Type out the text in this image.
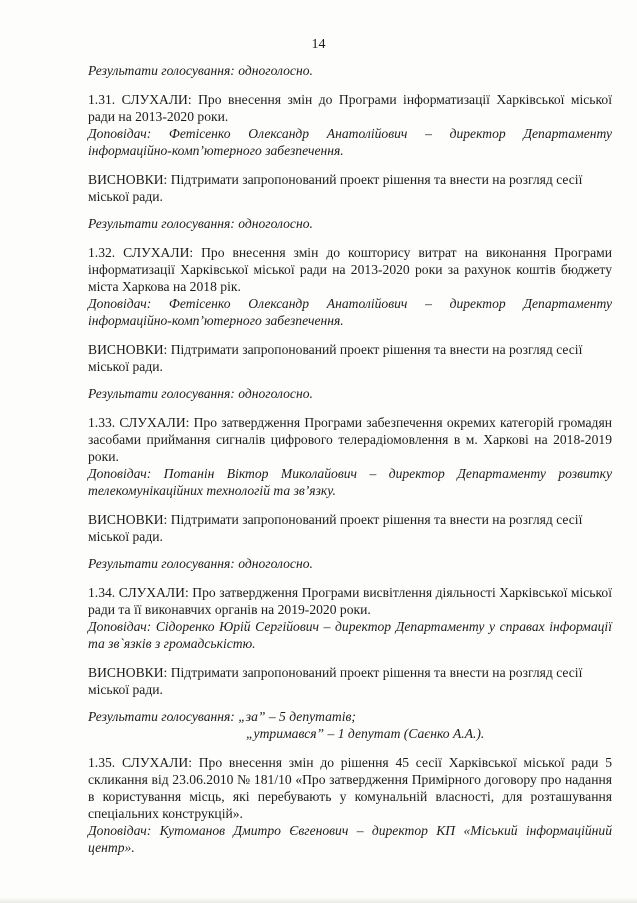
14

Результати голосування: одноголосно.

1.31. СЛУХАЛИ: Про внесення змін до Програми інформатизації Харківської міської ради на 2013-2020 роки.

Доповідач: Фетісенко Олександр Анатолійович – директор Департаменту інформаційно-комп’ютерного забезпечення.

ВИСНОВКИ: Підтримати запропонований проект рішення та внести на розгляд сесії міської ради.

Результати голосування: одноголосно.

1.32. СЛУХАЛИ: Про внесення змін до кошторису витрат на виконання Програми інформатизації Харківської міської ради на 2013-2020 роки за рахунок коштів бюджету міста Харкова на 2018 рік.

Доповідач: Фетісенко Олександр Анатолійович – директор Департаменту інформаційно-комп’ютерного забезпечення.

ВИСНОВКИ: Підтримати запропонований проект рішення та внести на розгляд сесії міської ради.

Результати голосування: одноголосно.

1.33. СЛУХАЛИ: Про затвердження Програми забезпечення окремих категорій громадян засобами приймання сигналів цифрового телерадіомовлення в м. Харкові на 2018-2019 роки.

Доповідач: Потанін Віктор Миколайович – директор Департаменту розвитку телекомунікаційних технологій та зв’язку.

ВИСНОВКИ: Підтримати запропонований проект рішення та внести на розгляд сесії міської ради.

Результати голосування: одноголосно.

1.34. СЛУХАЛИ: Про затвердження Програми висвітлення діяльності Харківської міської ради та її виконавчих органів на 2019-2020 роки.

Доповідач: Сідоренко Юрій Сергійович – директор Департаменту у справах інформації та зв`язків з громадськістю.

ВИСНОВКИ: Підтримати запропонований проект рішення та внести на розгляд сесії міської ради.

Результати голосування: „за” – 5 депутатів;

„утримався” – 1 депутат (Саєнко А.А.).

1.35. СЛУХАЛИ: Про внесення змін до рішення 45 сесії Харківської міської ради 5 скликання від 23.06.2010 № 181/10 «Про затвердження Примірного договору про надання в користування місць, які перебувають у комунальній власності, для розташування спеціальних конструкцій».

Доповідач: Кутоманов Дмитро Євгенович – директор КП «Міський інформаційний центр».
